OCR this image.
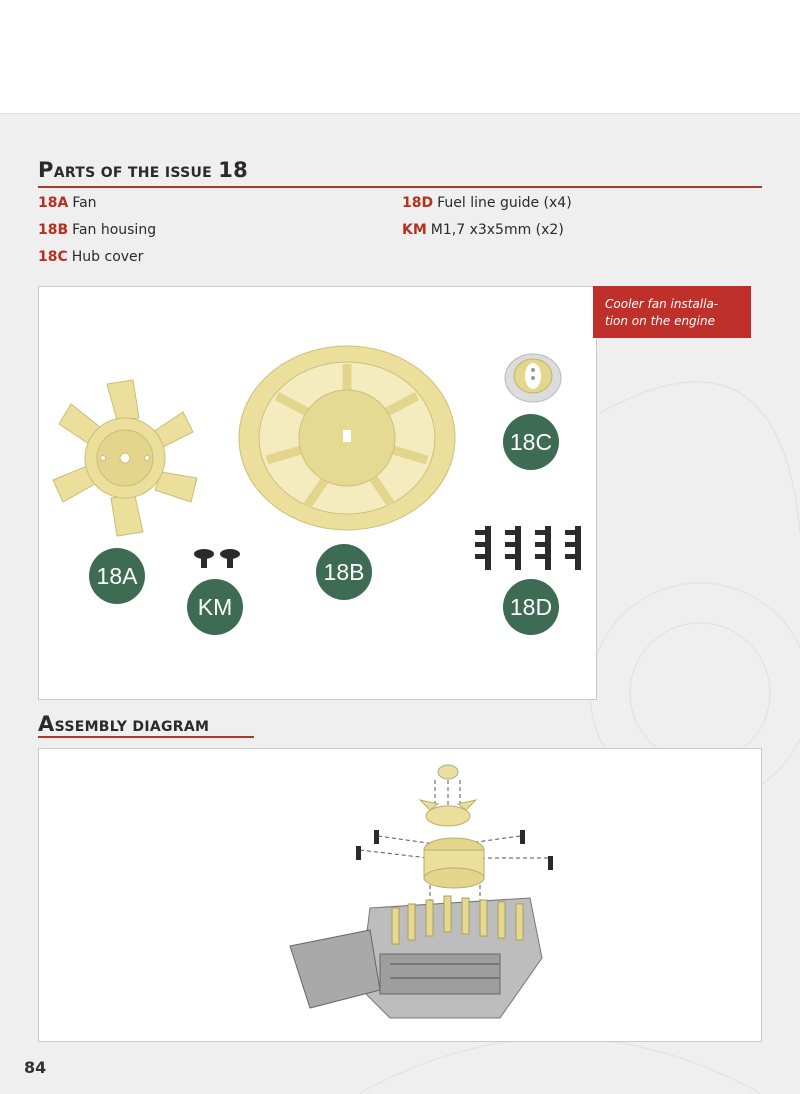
PARTS OF THE ISSUE 18
18A Fan
18B Fan housing
18C Hub cover
18D Fuel line guide (x4)
KM M1,7 x3x5mm (x2)
18A	18B
18C
18D
KM
Cooler fan installa-
tion on the engine
ASSEMBLY DIAGRAM
84
